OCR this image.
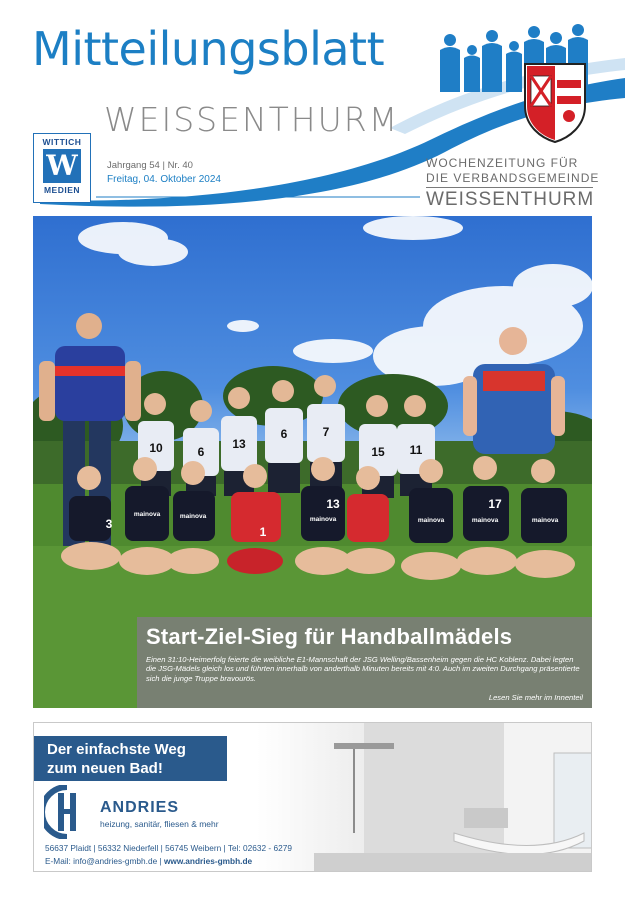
Mitteilungsblatt
WEISSENTHURM
WITTICH
W
MEDIEN
Jahrgang 54 | Nr. 40
Freitag, 04. Oktober 2024
WOCHENZEITUNG FÜR
DIE VERBANDSGEMEINDE
WEISSENTHURM
10	6
13
6	7
15 11
3
1
13	17
mainova	mainova	mainova	mainova	mainova	mainova
Start-Ziel-Sieg für Handballmädels
Einen 31:10-Heimerfolg feierte die weibliche E1-Mannschaft der JSG Welling/Bassenheim gegen die HC Koblenz. Dabei legten die JSG-Mädels gleich los und führten innerhalb von anderthalb Minuten bereits mit 4:0. Auch im zweiten Durchgang präsentierte sich die junge Truppe bravourös.
Lesen Sie mehr im Innenteil
Der einfachste Weg
zum neuen Bad!
ANDRIES
heizung, sanitär, fliesen & mehr
56637 Plaidt | 56332 Niederfell | 56745 Weibern | Tel: 02632 - 6279
E-Mail: info@andries-gmbh.de | www.andries-gmbh.de
